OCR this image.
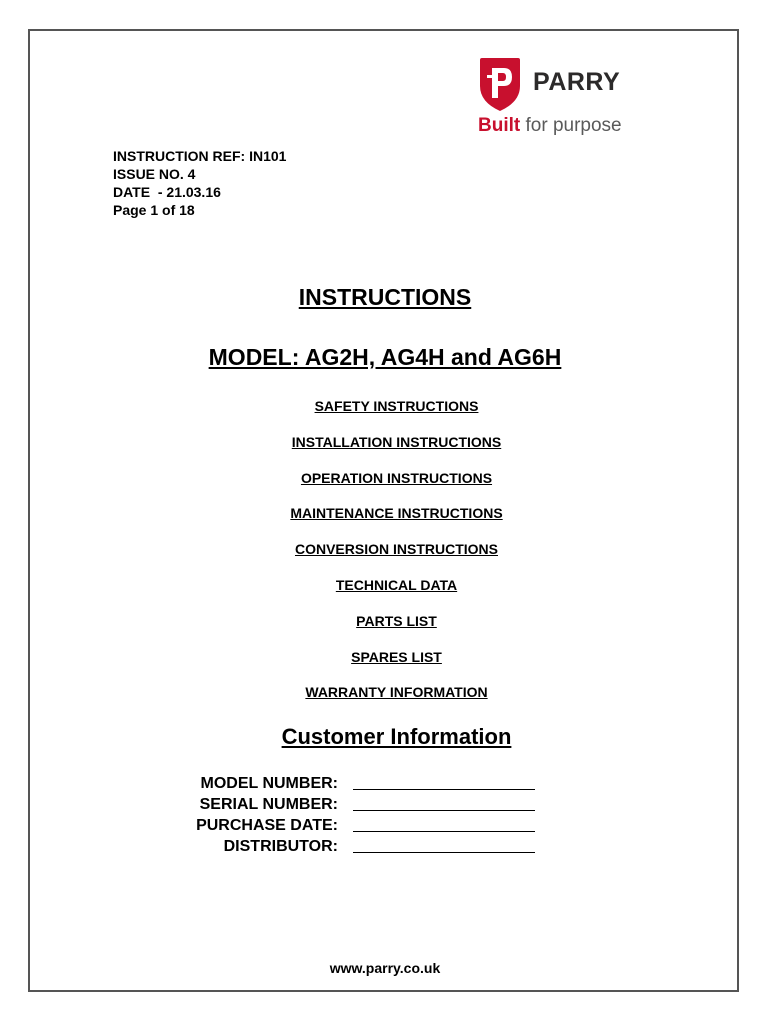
PARRY
Built for purpose
INSTRUCTION REF: IN101
ISSUE NO. 4
DATE  - 21.03.16
Page 1 of 18
INSTRUCTIONS
MODEL: AG2H, AG4H and AG6H
SAFETY INSTRUCTIONS
INSTALLATION INSTRUCTIONS
OPERATION INSTRUCTIONS
MAINTENANCE INSTRUCTIONS
CONVERSION INSTRUCTIONS
TECHNICAL DATA
PARTS LIST
SPARES LIST
WARRANTY INFORMATION
Customer Information
MODEL NUMBER:
SERIAL NUMBER:
PURCHASE DATE:
DISTRIBUTOR:
www.parry.co.uk
